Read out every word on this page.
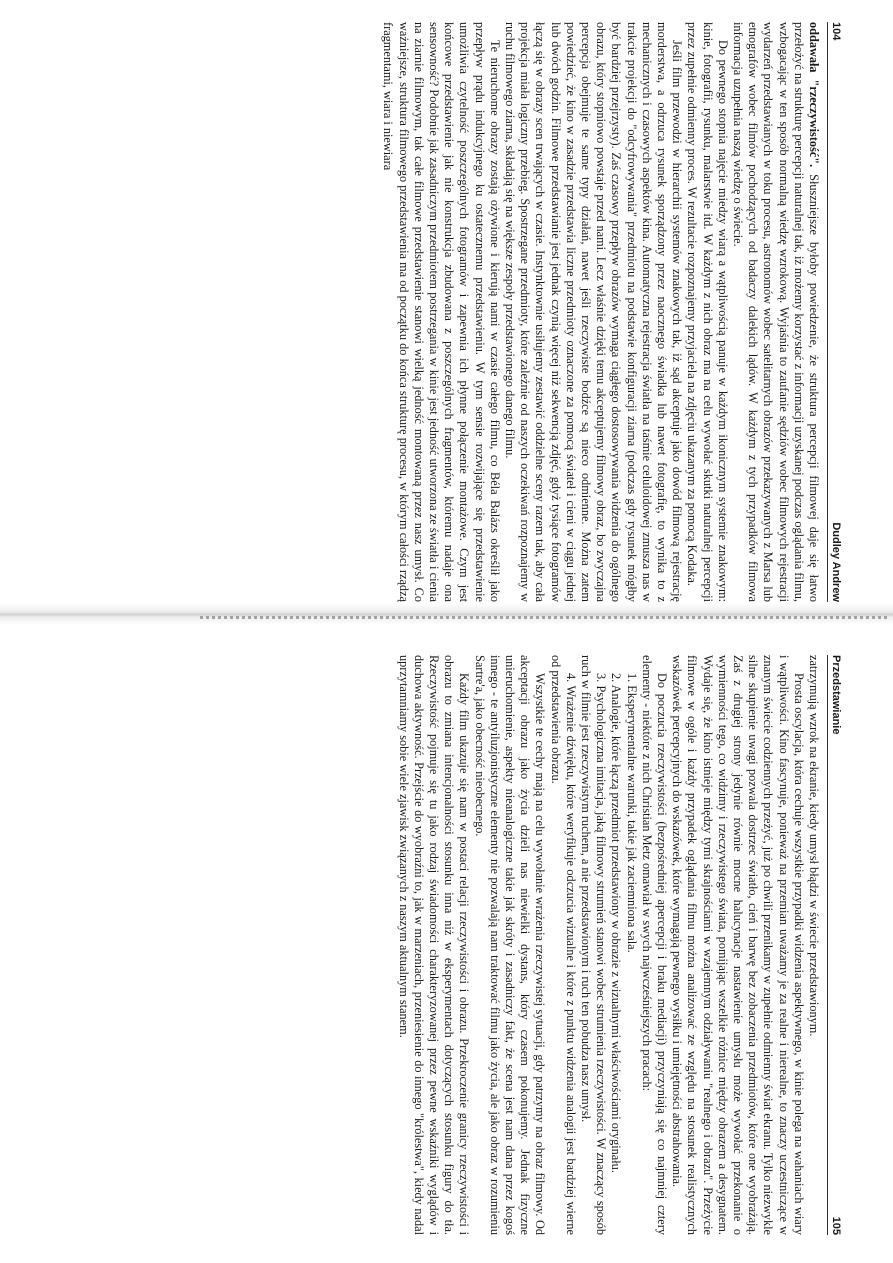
104
Dudley Andrew

oddawała "rzeczywistość". Słuszniejsze byłoby powiedzenie, że struktura percepcji filmowej daje się łatwo przełożyć na strukturę percepcji naturalnej tak, iż możemy korzystać z informacji uzyskanej podczas oglądania filmu, wzbogacając w ten sposób normalną wiedzę wzrokową. Wyjaśnia to zaufanie sędziów wobec filmowych rejestracji wydarzeń przedstawianych w toku procesu, astronomów wobec satelitarnych obrazów przekazywanych z Marsa lub etnografów wobec filmów pochodzących od badaczy dalekich lądów. W każdym z tych przypadków filmowa informacja uzupełnia naszą wiedzę o świecie.

Do pewnego stopnia najęcie miedzy wiarą a wątpliwością panuje w każdym ikonicznym systemie znakowym: kinie, fotografii, rysunku, malarstwie itd. W każdym z nich obraz ma na celu wywołać skutki naturalnej percepcji przez zupełnie odmienny proces. W rezultacie rozpoznajemy przyjaciela na zdjęciu ukazanym za pomocą Kodaka.

Jeśli film przewodzi w hierarchii systemów znakowych tak, iż sąd akceptuje jako dowód filmową rejestrację morderstwa, a odrzuca rysunek sporządzony przez naocznego świadka lub nawet fotografię, to wynika to z mechanicznych i czasowych aspektów kina. Automatyczna rejestracja światła na taśmie celuloidowej zmusza nas w trakcie projekcji do "odcyfrowywania" przedmiotu na podstawie konfiguracji ziarna (podczas gdy rysunek mógłby być bardziej przejrzysty). Zaś czasowy przepływ obrazów wymaga ciągłego dostosowywania widzenia do ogólnego obrazu, który stopniowo powstaje przed nami. Lecz właśnie dzięki temu akceptujemy filmowy obraz, bo zwyczajna percepcja obejmuje te same typy działań, nawet jeśli rzeczywiste bodźce są nieco odmienne. Można zatem powiedzieć, że kino w zasadzie przedstawia liczne przedmioty oznaczone za pomocą świateł i cieni w ciągu jednej lub dwóch godzin. Filmowe przedstawianie jest jednak czynią więcej niż sekwencją zdjęć, gdyż tysiące fotogramów łączą się w obrazy scen trwających w czasie. Instynktownie usiłujemy zestawić oddzielne sceny razem tak, aby cała projekcja miała logiczny przebieg. Spostrzegane przedmioty, które zależnie od naszych oczekiwań rozpoznajemy w ruchu filmowego ziarna, składają się na większe zespoły przedstawionego danego filmu.

Te nieruchome obrazy zostają ożywione i kierują nami w czasie całego filmu, co Béla Balázs określił jako przepływ prądu indukcyjnego ku ostatecznemu przedstawieniu. W tym sensie rozwijające się przedstawienie umożliwia czytelność poszczególnych fotogramów i zapewnia ich płynne połączenie montażowe. Czym jest końcowe przedstawienie jak nie konstrukcja zbudowana z poszczególnych fragmentów, któremu nadaje ona sensowność? Podobnie jak zasadniczym przedmiotem postrzegania w kinie jest jedność utworzona ze światła i cienia na ziarnie filmowym, tak całe filmowe przedstawienie stanowi wielką jedność montowaną przez nasz umysł. Co ważniejsze, struktura filmowego przedstawienia ma od początku do końca strukturę procesu, w którym całości rządzą fragmentami, wiara i niewiara

Przedstawianie
105

zatrzymują wzrok na ekranie, kiedy umysł błądzi w świecie przedstawionym.

Prosta oscylacja, która cechuje wszystkie przypadki widzenia aspektywnego, w kinie polega na wahaniach wiary i wątpliwości. Kino fascynuje, ponieważ na przemian uważamy je za realne i nierealne, to znaczy uczestniczące w znanym świecie codziennych przeżyć, już po chwili przenikamy w zupełnie odmienny świat ekranu. Tylko niezwykle silne skupienie uwagi pozwala dostrzec światło, cień i barwę bez zobaczenia przedmiotów, które one wyobrażają. Zaś z drugiej strony jedynie równie mocne halucynacje nastawienie umysłu może wywołać przekonanie o wymienności tego, co widzimy i rzeczywistego świata, pomijając wszelkie różnice między obrazem a desygnatem. Wydaje się, że kino istnieje między tymi skrajnościami w wzajemnym odziaływaniu "realnego i obrazu". Przeżycie filmowe w ogóle i każdy przypadek oglądania filmu można analizować ze względu na stosunek realistycznych wskazówek percepcyjnych do wskazówek, które wymagają pewnego wysiłku i umiejętności abstrahowania.

Do poczucia rzeczywistości (bezpośredniej apercepcji i braku mediacji) przyczyniają się co najmniej cztery elementy - niektóre z nich Christian Metz omawiał w swych najwcześniejszych pracach:

1. Eksperymentalne warunki, takie jak zaciemniona sala.

2. Analogie, które łączą przedmiot przedstawiony w obrazie z wizualnymi właściwościami oryginału.

3. Psychologiczna imitacja, jaką filmowy strumień stanowi wobec strumienia rzeczywistości. W znaczący sposób ruch w filmie jest rzeczywistym ruchem, a nie przedstawionym i ruch ten pobudza nasz umysł.

4. Wrażenie dźwięku, które weryfikuje odczucia wizualne i które z punktu widzenia analogii jest bardziej wierne od przedstawienia obrazu.

Wszystkie te cechy mają na celu wywołanie wrażenia rzeczywistej sytuacji, gdy patrzymy na obraz filmowy. Od akceptacji obrazu jako życia dzieli nas niewielki dystans, który czasem pokonujemy. Jednak fizyczne unieruchomienie, aspekty nieanalogiczne takie jak skróty i zasadniczy fakt, że scena jest nam dana przez kogoś innego - te antyiluzjonistyczne elementy nie pozwalają nam traktować filmu jako życia, ale jako obraz w rozumieniu Sartre'a, jako obecność nieobecnego.

Każdy film ukazuje się nam w postaci relacji rzeczywistości i obrazu. Przekroczenie granicy rzeczywistości i obrazu to zmiana intencjonalności stosunku inna niż w eksperymentach dotyczących stosunku figury do tła. Rzeczywistość pojmuje się tu jako rodzaj świadomości charakteryzowanej przez pewne wskaźniki wyglądów i duchowa aktywność. Przejście do wyobraźni to, jak w marzeniach, przeniesienie do innego "królestwa", kiedy nadal uprzytamniamy sobie wiele zjawisk związanych z naszym aktualnym stanem.
